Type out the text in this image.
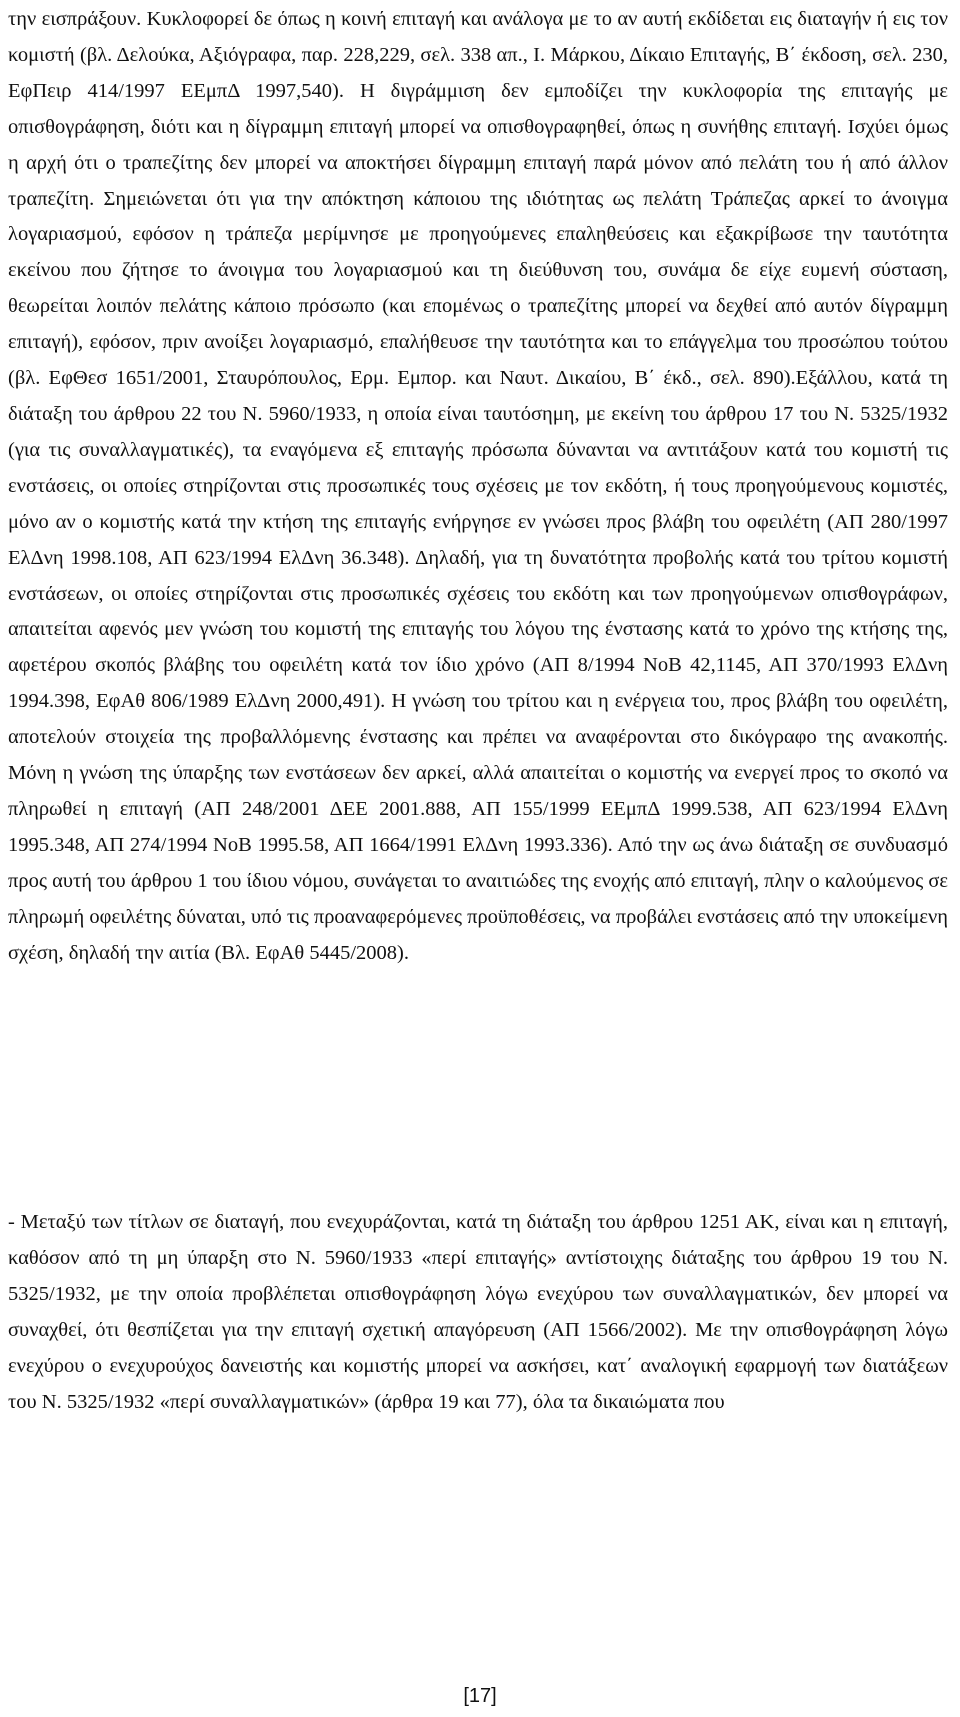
την εισπράξουν. Κυκλοφορεί δε όπως η κοινή επιταγή και ανάλογα με το αν αυτή εκδίδεται εις διαταγήν ή εις τον κομιστή (βλ. Δελούκα, Αξιόγραφα, παρ. 228,229, σελ. 338 απ., Ι. Μάρκου, Δίκαιο Επιταγής, Β΄ έκδοση, σελ. 230, ΕφΠειρ 414/1997 ΕΕμπΔ 1997,540). Η διγράμμιση δεν εμποδίζει την κυκλοφορία της επιταγής με οπισθογράφηση, διότι και η δίγραμμη επιταγή μπορεί να οπισθογραφηθεί, όπως η συνήθης επιταγή. Ισχύει όμως η αρχή ότι ο τραπεζίτης δεν μπορεί να αποκτήσει δίγραμμη επιταγή παρά μόνον από πελάτη του ή από άλλον τραπεζίτη. Σημειώνεται ότι για την απόκτηση κάποιου της ιδιότητας ως πελάτη Τράπεζας αρκεί το άνοιγμα λογαριασμού, εφόσον η τράπεζα μερίμνησε με προηγούμενες επαληθεύσεις και εξακρίβωσε την ταυτότητα εκείνου που ζήτησε το άνοιγμα του λογαριασμού και τη διεύθυνση του, συνάμα δε είχε ευμενή σύσταση, θεωρείται λοιπόν πελάτης κάποιο πρόσωπο (και επομένως ο τραπεζίτης μπορεί να δεχθεί από αυτόν δίγραμμη επιταγή), εφόσον, πριν ανοίξει λογαριασμό, επαλήθευσε την ταυτότητα και το επάγγελμα του προσώπου τούτου (βλ. ΕφΘεσ 1651/2001, Σταυρόπουλος, Ερμ. Εμπορ. και Ναυτ. Δικαίου, Β΄ έκδ., σελ. 890).Εξάλλου, κατά τη διάταξη του άρθρου 22 του Ν. 5960/1933, η οποία είναι ταυτόσημη, με εκείνη του άρθρου 17 του Ν. 5325/1932 (για τις συναλλαγματικές), τα εναγόμενα εξ επιταγής πρόσωπα δύνανται να αντιτάξουν κατά του κομιστή τις ενστάσεις, οι οποίες στηρίζονται στις προσωπικές τους σχέσεις με τον εκδότη, ή τους προηγούμενους κομιστές, μόνο αν ο κομιστής κατά την κτήση της επιταγής ενήργησε εν γνώσει προς βλάβη του οφειλέτη (ΑΠ 280/1997 ΕλΔνη 1998.108, ΑΠ 623/1994 ΕλΔνη 36.348). Δηλαδή, για τη δυνατότητα προβολής κατά του τρίτου κομιστή ενστάσεων, οι οποίες στηρίζονται στις προσωπικές σχέσεις του εκδότη και των προηγούμενων οπισθογράφων, απαιτείται αφενός μεν γνώση του κομιστή της επιταγής του λόγου της ένστασης κατά το χρόνο της κτήσης της, αφετέρου σκοπός βλάβης του οφειλέτη κατά τον ίδιο χρόνο (ΑΠ 8/1994 ΝοΒ 42,1145, ΑΠ 370/1993 ΕλΔνη 1994.398, ΕφΑθ 806/1989 ΕλΔνη 2000,491). Η γνώση του τρίτου και η ενέργεια του, προς βλάβη του οφειλέτη, αποτελούν στοιχεία της προβαλλόμενης ένστασης και πρέπει να αναφέρονται στο δικόγραφο της ανακοπής. Μόνη η γνώση της ύπαρξης των ενστάσεων δεν αρκεί, αλλά απαιτείται ο κομιστής να ενεργεί προς το σκοπό να πληρωθεί η επιταγή (ΑΠ 248/2001 ΔΕΕ 2001.888, ΑΠ 155/1999 ΕΕμπΔ 1999.538, ΑΠ 623/1994 ΕλΔνη 1995.348, ΑΠ 274/1994 ΝοΒ 1995.58, ΑΠ 1664/1991 ΕλΔνη 1993.336). Από την ως άνω διάταξη σε συνδυασμό προς αυτή του άρθρου 1 του ίδιου νόμου, συνάγεται το αναιτιώδες της ενοχής από επιταγή, πλην ο καλούμενος σε πληρωμή οφειλέτης δύναται, υπό τις προαναφερόμενες προϋποθέσεις, να προβάλει ενστάσεις από την υποκείμενη σχέση, δηλαδή την αιτία (Βλ. ΕφΑθ 5445/2008).

- Μεταξύ των τίτλων σε διαταγή, που ενεχυράζονται, κατά τη διάταξη του άρθρου 1251 ΑΚ, είναι και η επιταγή, καθόσον από τη μη ύπαρξη στο Ν. 5960/1933 «περί επιταγής» αντίστοιχης διάταξης του άρθρου 19 του Ν. 5325/1932, με την οποία προβλέπεται οπισθογράφηση λόγω ενεχύρου των συναλλαγματικών, δεν μπορεί να συναχθεί, ότι θεσπίζεται για την επιταγή σχετική απαγόρευση (ΑΠ 1566/2002). Με την οπισθογράφηση λόγω ενεχύρου ο ενεχυρούχος δανειστής και κομιστής μπορεί να ασκήσει, κατ΄ αναλογική εφαρμογή των διατάξεων του Ν. 5325/1932 «περί συναλλαγματικών» (άρθρα 19 και 77), όλα τα δικαιώματα που

[17]
